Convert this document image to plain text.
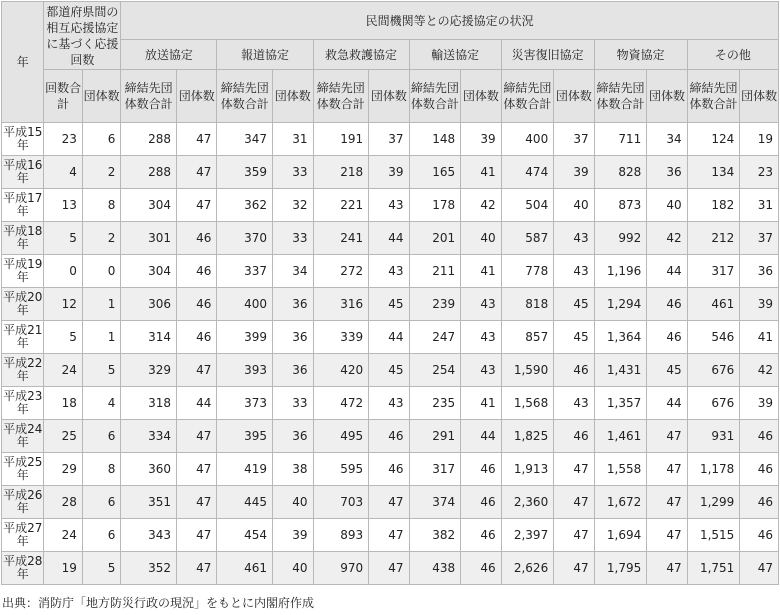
年	都道府県間の相互応援協定に基づく応援回数		民間機関等との応援協定の状況													
			放送協定		報道協定		救急救護協定		輸送協定		災害復旧協定		物資協定		その他	
	回数合計	団体数	締結先団体数合計	団体数	締結先団体数合計	団体数	締結先団体数合計	団体数	締結先団体数合計	団体数	締結先団体数合計	団体数	締結先団体数合計	団体数	締結先団体数合計	団体数
平成15年	23	6	288	47	347	31	191	37	148	39	400	37	711	34	124	19
平成16年	4	2	288	47	359	33	218	39	165	41	474	39	828	36	134	23
平成17年	13	8	304	47	362	32	221	43	178	42	504	40	873	40	182	31
平成18年	5	2	301	46	370	33	241	44	201	40	587	43	992	42	212	37
平成19年	0	0	304	46	337	34	272	43	211	41	778	43	1,196	44	317	36
平成20年	12	1	306	46	400	36	316	45	239	43	818	45	1,294	46	461	39
平成21年	5	1	314	46	399	36	339	44	247	43	857	45	1,364	46	546	41
平成22年	24	5	329	47	393	36	420	45	254	43	1,590	46	1,431	45	676	42
平成23年	18	4	318	44	373	33	472	43	235	41	1,568	43	1,357	44	676	39
平成24年	25	6	334	47	395	36	495	46	291	44	1,825	46	1,461	47	931	46
平成25年	29	8	360	47	419	38	595	46	317	46	1,913	47	1,558	47	1,178	46
平成26年	28	6	351	47	445	40	703	47	374	46	2,360	47	1,672	47	1,299	46
平成27年	24	6	343	47	454	39	893	47	382	46	2,397	47	1,694	47	1,515	46
平成28年	19	5	352	47	461	40	970	47	438	46	2,626	47	1,795	47	1,751	47
出典：消防庁「地方防災行政の現況」をもとに内閣府作成
